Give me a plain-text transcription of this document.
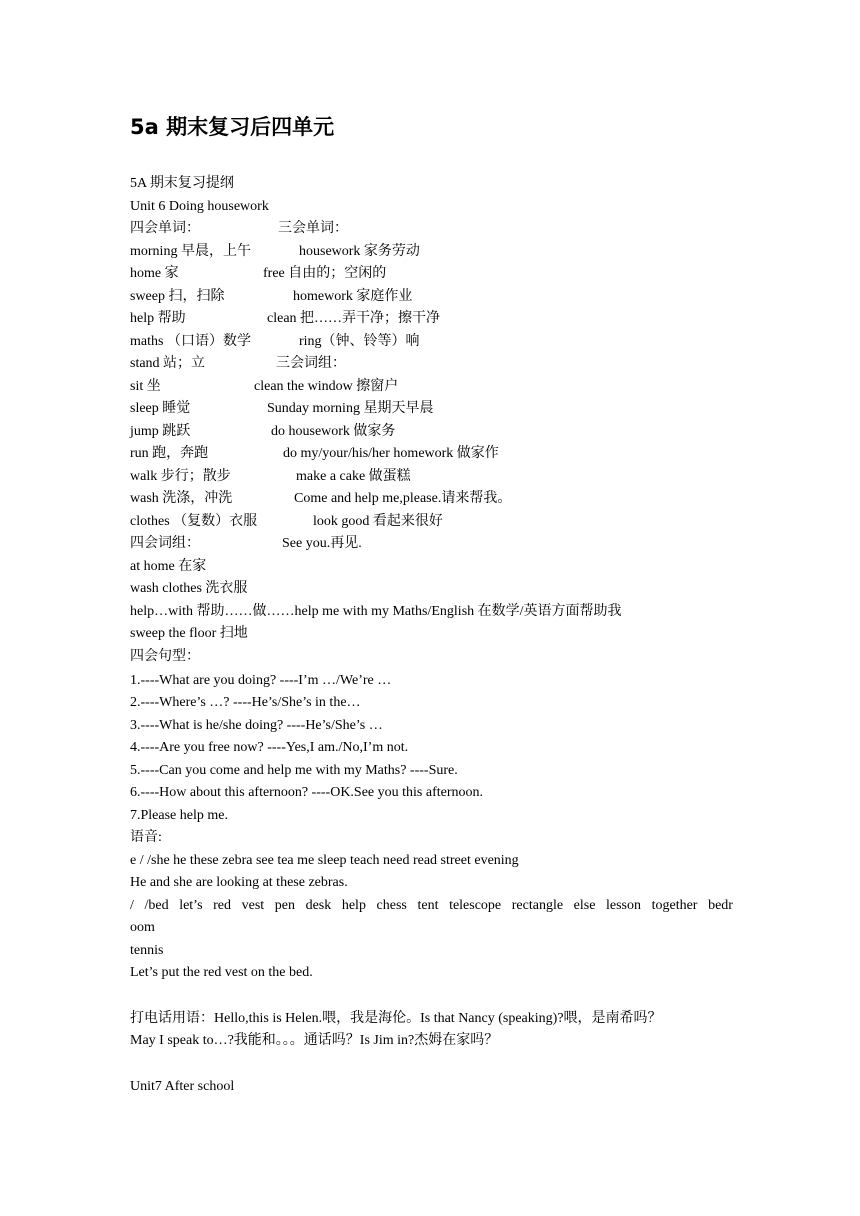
5a 期末复习后四单元
5A 期末复习提纲
Unit 6 Doing housework
四会单词：	三会单词：
morning 早晨，上午	housework 家务劳动
home 家	free 自由的；空闲的
sweep 扫，扫除	homework 家庭作业
help 帮助	clean 把……弄干净；擦干净
maths （口语）数学	ring（钟、铃等）响
stand 站；立	三会词组：
sit 坐	clean the window 擦窗户
sleep 睡觉	Sunday morning 星期天早晨
jump 跳跃	do housework 做家务
run 跑，奔跑	do my/your/his/her homework 做家作
walk 步行；散步	make a cake 做蛋糕
wash 洗涤，冲洗	Come and help me,please.请来帮我。
clothes （复数）衣服	look good 看起来很好
四会词组：	See you.再见.
at home 在家
wash clothes 洗衣服
help…with 帮助……做……help me with my Maths/English 在数学/英语方面帮助我
sweep the floor 扫地
四会句型：
1.----What are you doing? ----I’m …/We’re …
2.----Where’s …? ----He’s/She’s in the…
3.----What is he/she doing? ----He’s/She’s …
4.----Are you free now? ----Yes,I am./No,I’m not.
5.----Can you come and help me with my Maths? ----Sure.
6.----How about this afternoon? ----OK.See you this afternoon.
7.Please help me.
语音:
e / /she he these zebra see tea me sleep teach need read street evening
He and she are looking at these zebras.
/ /bed let’s red vest pen desk help chess tent telescope rectangle else lesson together bedr
oom
tennis
Let’s put the red vest on the bed.
打电话用语：Hello,this is Helen.喂，我是海伦。Is that Nancy (speaking)?喂，是南希吗？
May I speak to…?我能和。。。通话吗？Is Jim in?杰姆在家吗？
Unit7 After school
